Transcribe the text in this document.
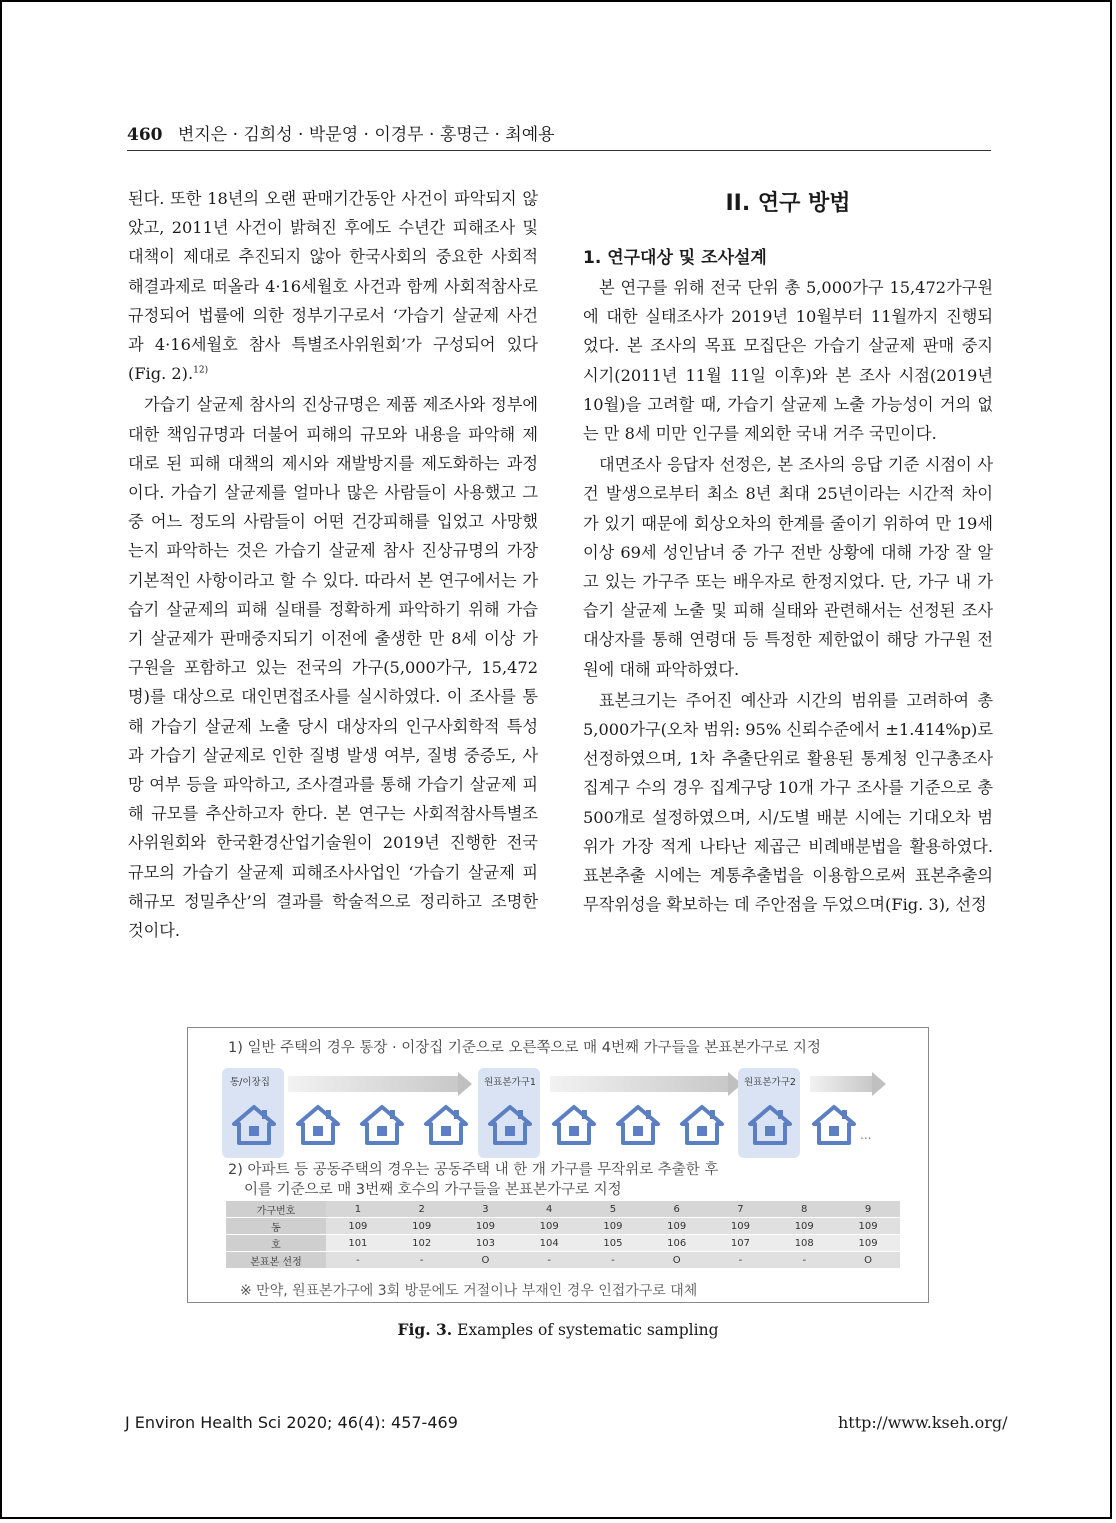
460 변지은 · 김희성 · 박문영 · 이경무 · 홍명근 · 최예용

된다. 또한 18년의 오랜 판매기간동안 사건이 파악되지 않았고, 2011년 사건이 밝혀진 후에도 수년간 피해조사 및 대책이 제대로 추진되지 않아 한국사회의 중요한 사회적 해결과제로 떠올라 4·16세월호 사건과 함께 사회적참사로 규정되어 법률에 의한 정부기구로서 ‘가습기 살균제 사건과 4·16세월호 참사 특별조사위원회’가 구성되어 있다(Fig. 2).$^{12)}$

가습기 살균제 참사의 진상규명은 제품 제조사와 정부에 대한 책임규명과 더불어 피해의 규모와 내용을 파악해 제대로 된 피해 대책의 제시와 재발방지를 제도화하는 과정이다. 가습기 살균제를 얼마나 많은 사람들이 사용했고 그 중 어느 정도의 사람들이 어떤 건강피해를 입었고 사망했는지 파악하는 것은 가습기 살균제 참사 진상규명의 가장 기본적인 사항이라고 할 수 있다. 따라서 본 연구에서는 가습기 살균제의 피해 실태를 정확하게 파악하기 위해 가습기 살균제가 판매중지되기 이전에 출생한 만 8세 이상 가구원을 포함하고 있는 전국의 가구(5,000가구, 15,472명)를 대상으로 대인면접조사를 실시하였다. 이 조사를 통해 가습기 살균제 노출 당시 대상자의 인구사회학적 특성과 가습기 살균제로 인한 질병 발생 여부, 질병 중증도, 사망 여부 등을 파악하고, 조사결과를 통해 가습기 살균제 피해 규모를 추산하고자 한다. 본 연구는 사회적참사특별조사위원회와 한국환경산업기술원이 2019년 진행한 전국 규모의 가습기 살균제 피해조사사업인 ‘가습기 살균제 피해규모 정밀추산’의 결과를 학술적으로 정리하고 조명한 것이다.

II. 연구 방법
1. 연구대상 및 조사설계

본 연구를 위해 전국 단위 총 5,000가구 15,472가구원에 대한 실태조사가 2019년 10월부터 11월까지 진행되었다. 본 조사의 목표 모집단은 가습기 살균제 판매 중지 시기(2011년 11월 11일 이후)와 본 조사 시점(2019년 10월)을 고려할 때, 가습기 살균제 노출 가능성이 거의 없는 만 8세 미만 인구를 제외한 국내 거주 국민이다.

대면조사 응답자 선정은, 본 조사의 응답 기준 시점이 사건 발생으로부터 최소 8년 최대 25년이라는 시간적 차이가 있기 때문에 회상오차의 한계를 줄이기 위하여 만 19세 이상 69세 성인남녀 중 가구 전반 상황에 대해 가장 잘 알고 있는 가구주 또는 배우자로 한정지었다. 단, 가구 내 가습기 살균제 노출 및 피해 실태와 관련해서는 선정된 조사 대상자를 통해 연령대 등 특정한 제한없이 해당 가구원 전원에 대해 파악하였다.

표본크기는 주어진 예산과 시간의 범위를 고려하여 총 5,000가구(오차 범위: 95% 신뢰수준에서 ±1.414%p)로 선정하였으며, 1차 추출단위로 활용된 통계청 인구총조사 집계구 수의 경우 집계구당 10개 가구 조사를 기준으로 총 500개로 설정하였으며, 시/도별 배분 시에는 기대오차 범위가 가장 적게 나타난 제곱근 비례배분법을 활용하였다. 표본추출 시에는 계통추출법을 이용함으로써 표본추출의 무작위성을 확보하는 데 주안점을 두었으며(Fig. 3), 선정

1) 일반 주택의 경우 통장 · 이장집 기준으로 오른쪽으로 매 4번째 가구들을 본표본가구로 지정
통/이장집	원표본가구1	원표본가구2
...
2) 아파트 등 공동주택의 경우는 공동주택 내 한 개 가구를 무작위로 추출한 후
이를 기준으로 매 3번째 호수의 가구들을 본표본가구로 지정
가구번호	1	2	3	4	5	6	7	8	9
동	109	109	109	109	109	109	109	109	109
호	101	102	103	104	105	106	107	108	109
본표본 선정	-	-	O	-	-	O	-	-	O
※ 만약, 원표본가구에 3회 방문에도 거절이나 부재인 경우 인접가구로 대체
Fig. 3. Examples of systematic sampling
J Environ Health Sci 2020; 46(4): 457-469	http://www.kseh.org/
